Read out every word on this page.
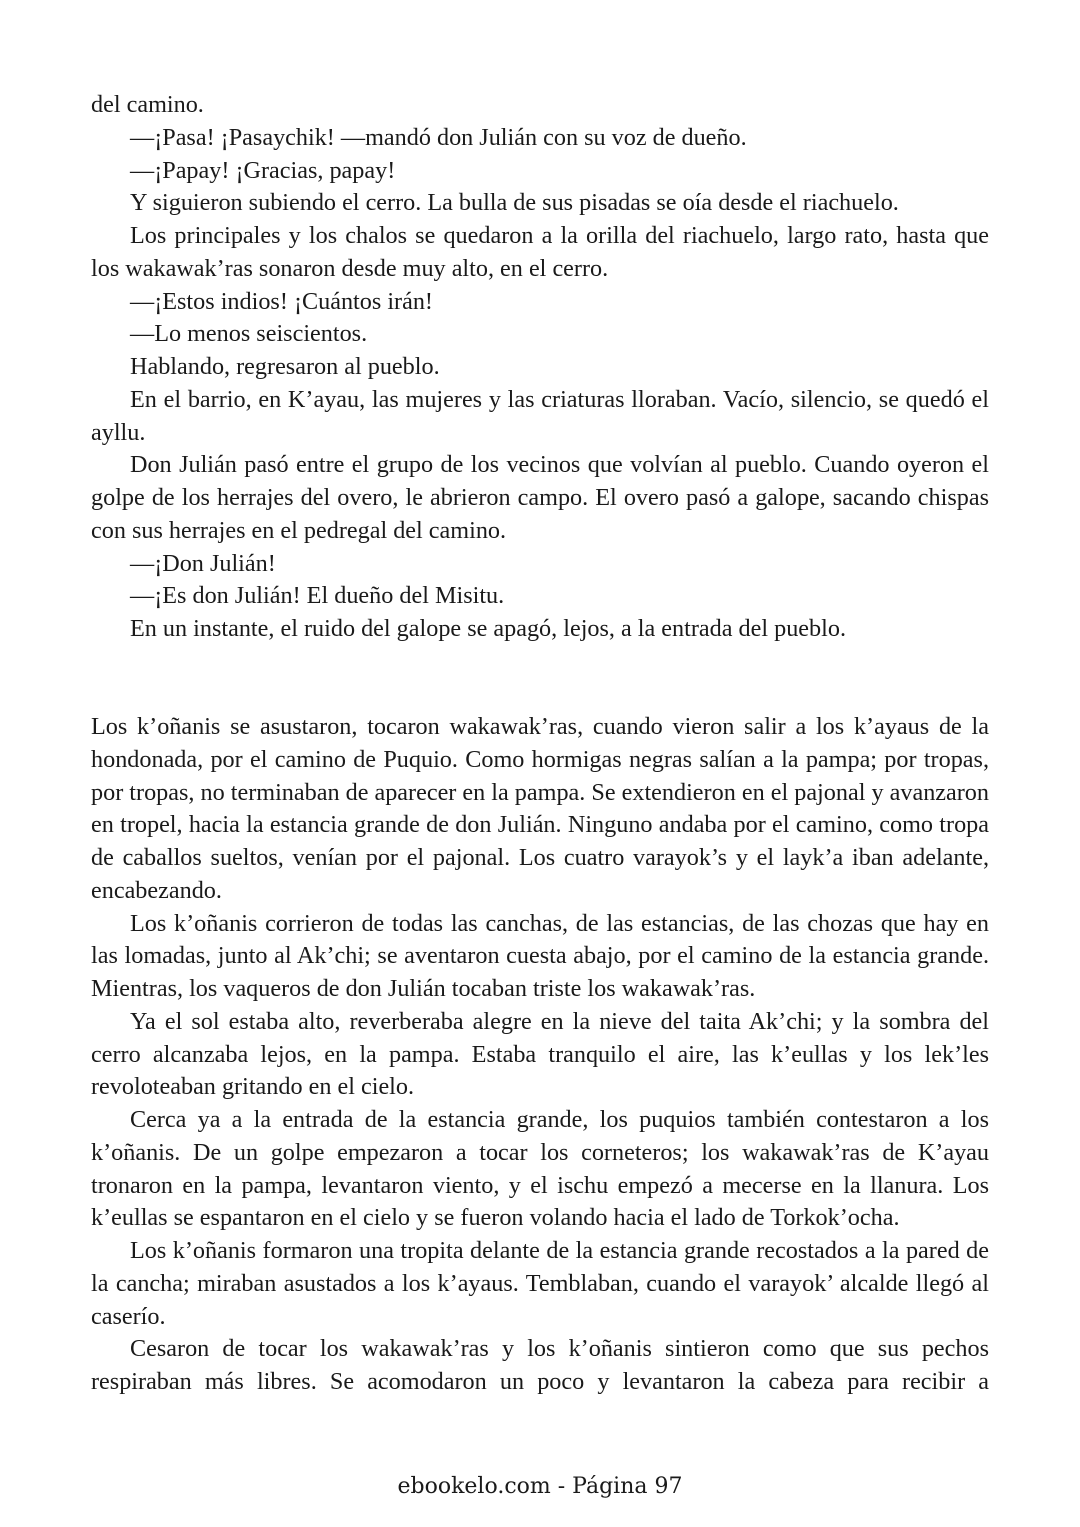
del camino.

—¡Pasa! ¡Pasaychik! —mandó don Julián con su voz de dueño.

—¡Papay! ¡Gracias, papay!

Y siguieron subiendo el cerro. La bulla de sus pisadas se oía desde el riachuelo.

Los principales y los chalos se quedaron a la orilla del riachuelo, largo rato, hasta que los wakawak’ras sonaron desde muy alto, en el cerro.

—¡Estos indios! ¡Cuántos irán!

—Lo menos seiscientos.

Hablando, regresaron al pueblo.

En el barrio, en K’ayau, las mujeres y las criaturas lloraban. Vacío, silencio, se quedó el ayllu.

Don Julián pasó entre el grupo de los vecinos que volvían al pueblo. Cuando oyeron el golpe de los herrajes del overo, le abrieron campo. El overo pasó a galope, sacando chispas con sus herrajes en el pedregal del camino.

—¡Don Julián!

—¡Es don Julián! El dueño del Misitu.

En un instante, el ruido del galope se apagó, lejos, a la entrada del pueblo.

Los k’oñanis se asustaron, tocaron wakawak’ras, cuando vieron salir a los k’ayaus de la hondonada, por el camino de Puquio. Como hormigas negras salían a la pampa; por tropas, por tropas, no terminaban de aparecer en la pampa. Se extendieron en el pajonal y avanzaron en tropel, hacia la estancia grande de don Julián. Ninguno andaba por el camino, como tropa de caballos sueltos, venían por el pajonal. Los cuatro varayok’s y el layk’a iban adelante, encabezando.

Los k’oñanis corrieron de todas las canchas, de las estancias, de las chozas que hay en las lomadas, junto al Ak’chi; se aventaron cuesta abajo, por el camino de la estancia grande. Mientras, los vaqueros de don Julián tocaban triste los wakawak’ras.

Ya el sol estaba alto, reverberaba alegre en la nieve del taita Ak’chi; y la sombra del cerro alcanzaba lejos, en la pampa. Estaba tranquilo el aire, las k’eullas y los lek’les revoloteaban gritando en el cielo.

Cerca ya a la entrada de la estancia grande, los puquios también contestaron a los k’oñanis. De un golpe empezaron a tocar los corneteros; los wakawak’ras de K’ayau tronaron en la pampa, levantaron viento, y el ischu empezó a mecerse en la llanura. Los k’eullas se espantaron en el cielo y se fueron volando hacia el lado de Torkok’ocha.

Los k’oñanis formaron una tropita delante de la estancia grande recostados a la pared de la cancha; miraban asustados a los k’ayaus. Temblaban, cuando el varayok’ alcalde llegó al caserío.

Cesaron de tocar los wakawak’ras y los k’oñanis sintieron como que sus pechos respiraban más libres. Se acomodaron un poco y levantaron la cabeza para recibir a

ebookelo.com - Página 97
